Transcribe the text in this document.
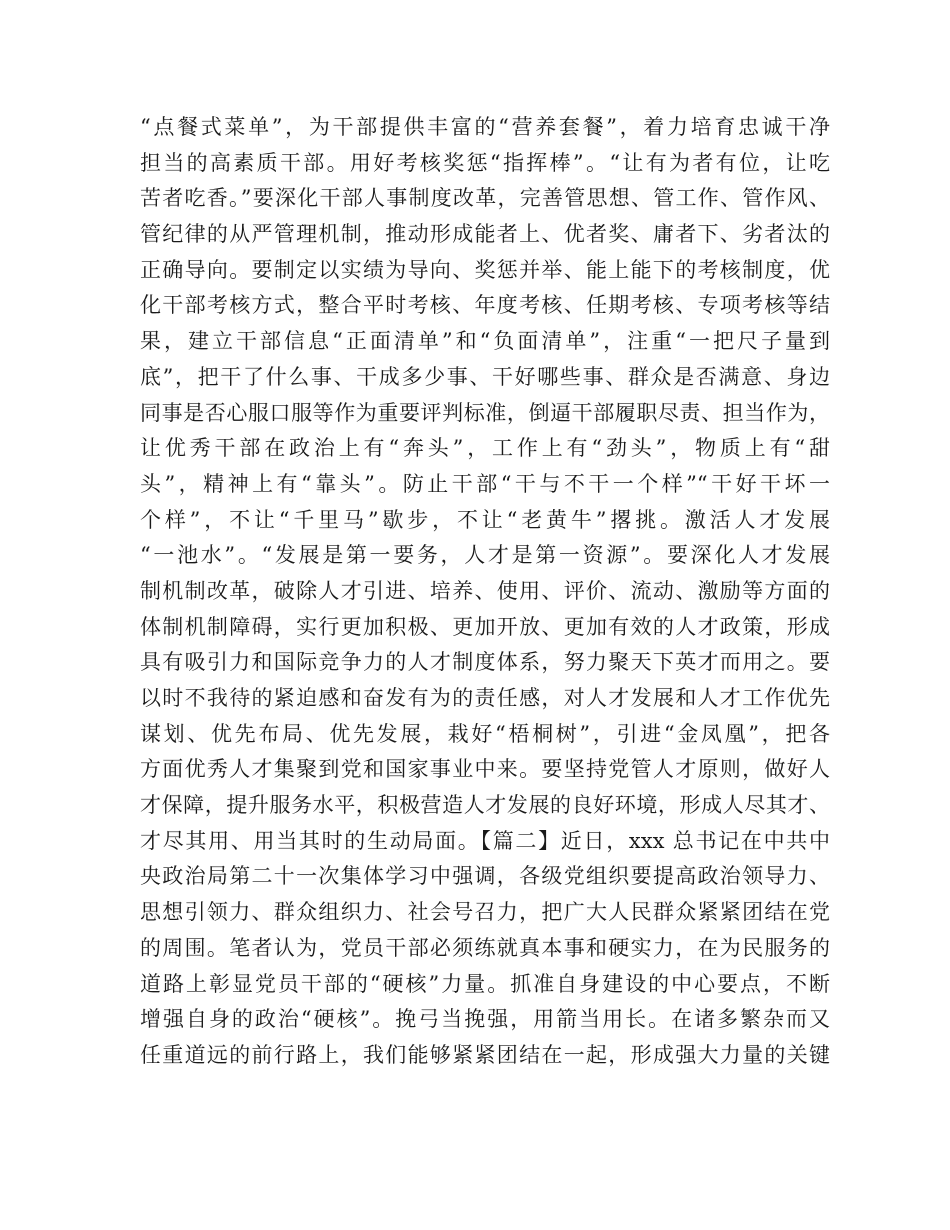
“点餐式菜单”，为干部提供丰富的“营养套餐”，着力培育忠诚干净
担当的高素质干部。用好考核奖惩“指挥棒”。“让有为者有位，让吃
苦者吃香。”要深化干部人事制度改革，完善管思想、管工作、管作风、
管纪律的从严管理机制，推动形成能者上、优者奖、庸者下、劣者汰的
正确导向。要制定以实绩为导向、奖惩并举、能上能下的考核制度，优
化干部考核方式，整合平时考核、年度考核、任期考核、专项考核等结
果，建立干部信息“正面清单”和“负面清单”，注重“一把尺子量到
底”，把干了什么事、干成多少事、干好哪些事、群众是否满意、身边
同事是否心服口服等作为重要评判标准，倒逼干部履职尽责、担当作为，
让优秀干部在政治上有“奔头”，工作上有“劲头”，物质上有“甜
头”，精神上有“靠头”。防止干部“干与不干一个样”“干好干坏一
个样”，不让“千里马”歇步，不让“老黄牛”撂挑。激活人才发展
“一池水”。“发展是第一要务，人才是第一资源”。要深化人才发展
制机制改革，破除人才引进、培养、使用、评价、流动、激励等方面的
体制机制障碍，实行更加积极、更加开放、更加有效的人才政策，形成
具有吸引力和国际竞争力的人才制度体系，努力聚天下英才而用之。要
以时不我待的紧迫感和奋发有为的责任感，对人才发展和人才工作优先
谋划、优先布局、优先发展，栽好“梧桐树”，引进“金凤凰”，把各
方面优秀人才集聚到党和国家事业中来。要坚持党管人才原则，做好人
才保障，提升服务水平，积极营造人才发展的良好环境，形成人尽其才、
才尽其用、用当其时的生动局面。【篇二】近日，xxx 总书记在中共中
央政治局第二十一次集体学习中强调，各级党组织要提高政治领导力、
思想引领力、群众组织力、社会号召力，把广大人民群众紧紧团结在党
的周围。笔者认为，党员干部必须练就真本事和硬实力，在为民服务的
道路上彰显党员干部的“硬核”力量。抓准自身建设的中心要点，不断
增强自身的政治“硬核”。挽弓当挽强，用箭当用长。在诸多繁杂而又
任重道远的前行路上，我们能够紧紧团结在一起，形成强大力量的关键
